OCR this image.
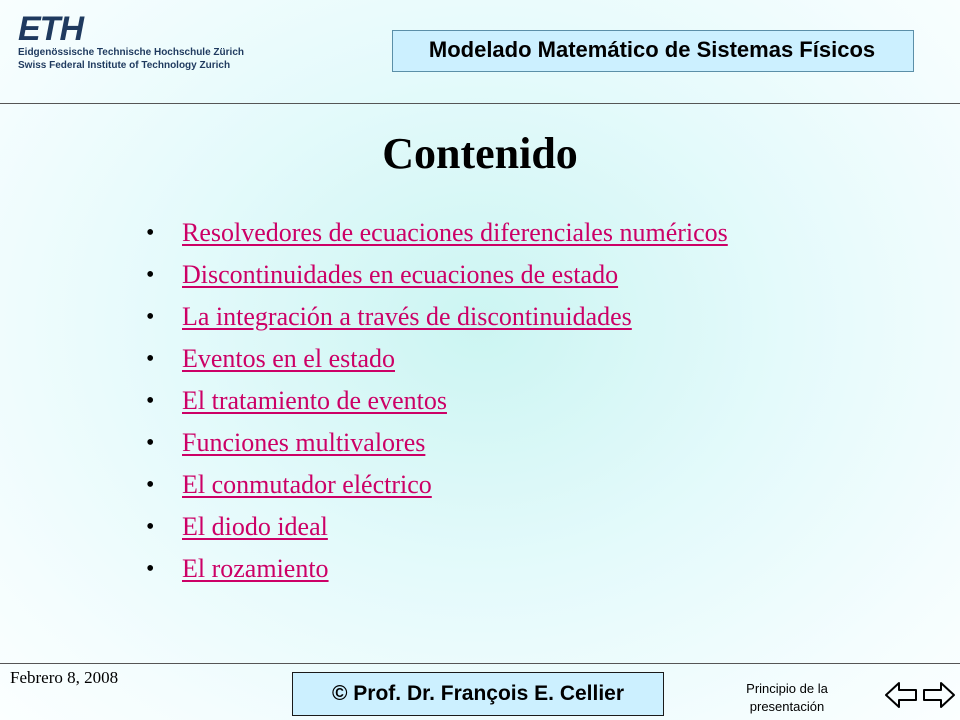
ETH
Eidgenössische Technische Hochschule Zürich
Swiss Federal Institute of Technology Zurich
Modelado Matemático de Sistemas Físicos
Contenido
•	Resolvedores de ecuaciones diferenciales numéricos
•	Discontinuidades en ecuaciones de estado
•	La integración a través de discontinuidades
•	Eventos en el estado
•	El tratamiento de eventos
•	Funciones multivalores
•	El conmutador eléctrico
•	El diodo ideal
•	El rozamiento
Febrero 8, 2008
© Prof. Dr. François E. Cellier	Principio de la presentación
